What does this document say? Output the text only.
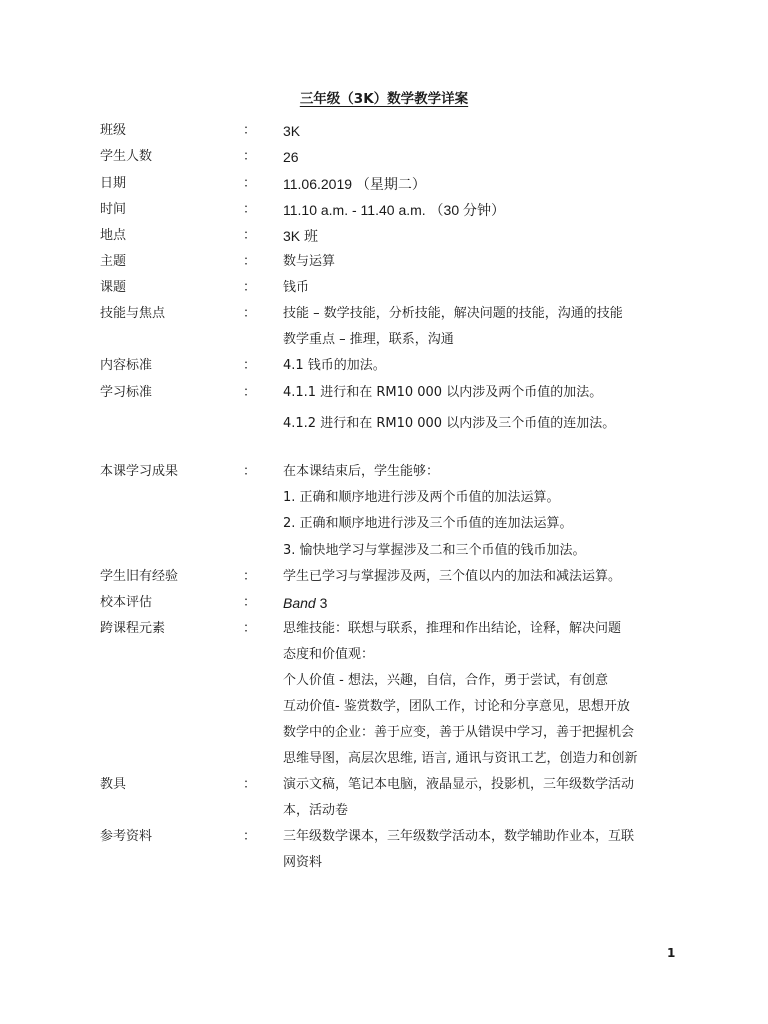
三年级（3K）数学教学详案
班级	： 3K
学生人数	： 26
日期	： 11.06.2019 （星期二）
时间	： 11.10 a.m. - 11.40 a.m. （30 分钟）
地点	： 3K 班
主题	： 数与运算
课题	： 钱币
技能与焦点	： 技能 – 数学技能，分析技能，解决问题的技能，沟通的技能
教学重点 – 推理，联系，沟通
内容标准	： 4.1 钱币的加法。
学习标准	： 4.1.1 进行和在 RM10 000 以内涉及两个币值的加法。
4.1.2 进行和在 RM10 000 以内涉及三个币值的连加法。
本课学习成果	： 在本课结束后，学生能够：
1. 正确和顺序地进行涉及两个币值的加法运算。
2. 正确和顺序地进行涉及三个币值的连加法运算。
3. 愉快地学习与掌握涉及二和三个币值的钱币加法。
学生旧有经验	： 学生已学习与掌握涉及两，三个值以内的加法和减法运算。
校本评估	： Band 3
跨课程元素	： 思维技能：联想与联系，推理和作出结论，诠释，解决问题
态度和价值观：
个人价值 - 想法，兴趣，自信，合作，勇于尝试，有创意
互动价值- 鉴赏数学，团队工作，讨论和分享意见，思想开放
数学中的企业：善于应变，善于从错误中学习，善于把握机会
思维导图，高层次思维, 语言, 通讯与资讯工艺，创造力和创新
教具	： 演示文稿，笔记本电脑，液晶显示，投影机，三年级数学活动
本，活动卷
参考资料	： 三年级数学课本，三年级数学活动本，数学辅助作业本，互联
网资料
1
